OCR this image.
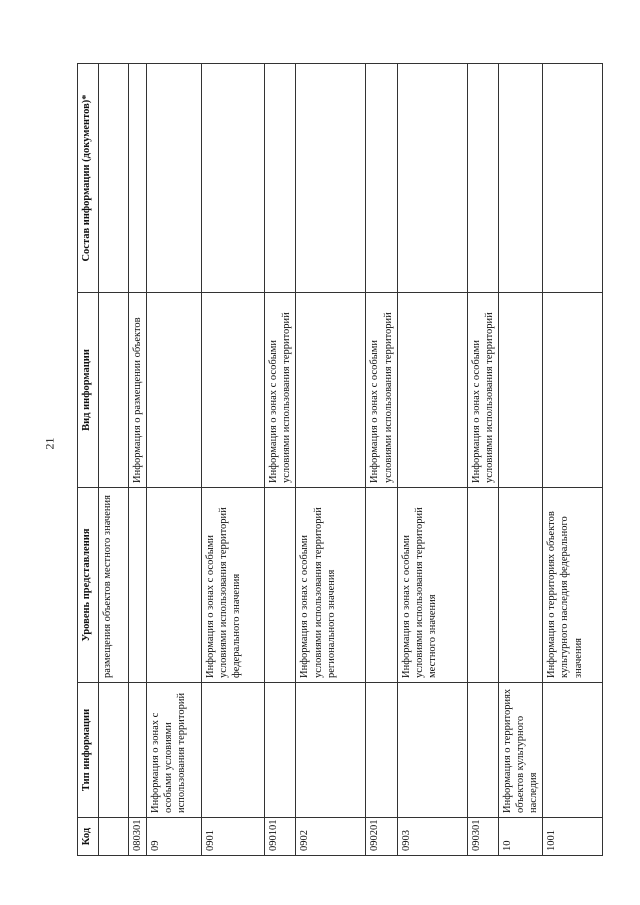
21
Код	Тип информации	Уровень представления	Вид информации	Состав информации (документов)*
		размещения объектов местного значения		
080301			Информация о размещении объектов	
09	Информация о зонах с особыми условиями использования территорий			
0901		Информация о зонах с особыми условиями использования территорий федерального значения		
090101			Информация о зонах с особыми условиями использования территорий	
0902		Информация о зонах с особыми условиями использования территорий регионального значения		
090201			Информация о зонах с особыми условиями использования территорий	
0903		Информация о зонах с особыми условиями использования территорий местного значения		
090301			Информация о зонах с особыми условиями использования территорий	
10	Информация о территориях объектов культурного наследия			
1001		Информация о территориях объектов культурного наследия федерального значения		
